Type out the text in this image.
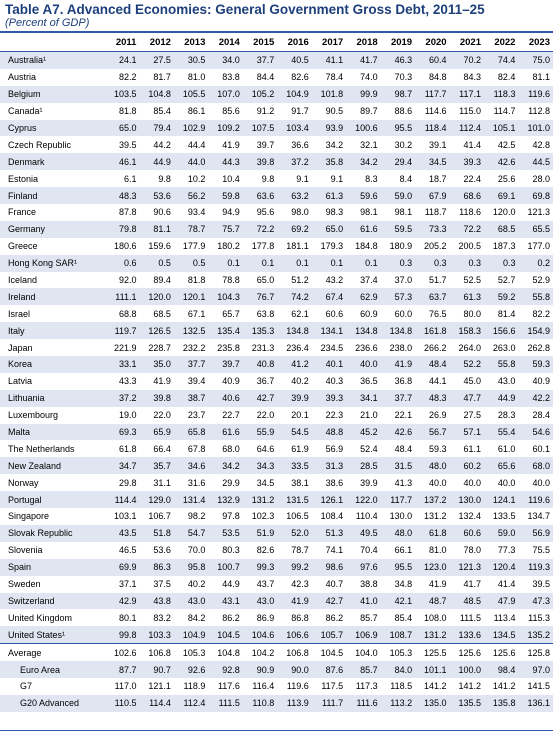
Table A7. Advanced Economies: General Government Gross Debt, 2011–25
(Percent of GDP)
	2011	2012	2013	2014	2015	2016	2017	2018	2019	2020	2021	2022	2023
Australia¹	24.1	27.5	30.5	34.0	37.7	40.5	41.1	41.7	46.3	60.4	70.2	74.4	75.0
Austria	82.2	81.7	81.0	83.8	84.4	82.6	78.4	74.0	70.3	84.8	84.3	82.4	81.1
Belgium	103.5	104.8	105.5	107.0	105.2	104.9	101.8	99.9	98.7	117.7	117.1	118.3	119.6
Canada¹	81.8	85.4	86.1	85.6	91.2	91.7	90.5	89.7	88.6	114.6	115.0	114.7	112.8
Cyprus	65.0	79.4	102.9	109.2	107.5	103.4	93.9	100.6	95.5	118.4	112.4	105.1	101.0
Czech Republic	39.5	44.2	44.4	41.9	39.7	36.6	34.2	32.1	30.2	39.1	41.4	42.5	42.8
Denmark	46.1	44.9	44.0	44.3	39.8	37.2	35.8	34.2	29.4	34.5	39.3	42.6	44.5
Estonia	6.1	9.8	10.2	10.4	9.8	9.1	9.1	8.3	8.4	18.7	22.4	25.6	28.0
Finland	48.3	53.6	56.2	59.8	63.6	63.2	61.3	59.6	59.0	67.9	68.6	69.1	69.8
France	87.8	90.6	93.4	94.9	95.6	98.0	98.3	98.1	98.1	118.7	118.6	120.0	121.3
Germany	79.8	81.1	78.7	75.7	72.2	69.2	65.0	61.6	59.5	73.3	72.2	68.5	65.5
Greece	180.6	159.6	177.9	180.2	177.8	181.1	179.3	184.8	180.9	205.2	200.5	187.3	177.0
Hong Kong SAR¹	0.6	0.5	0.5	0.1	0.1	0.1	0.1	0.1	0.3	0.3	0.3	0.3	0.2
Iceland	92.0	89.4	81.8	78.8	65.0	51.2	43.2	37.4	37.0	51.7	52.5	52.7	52.9
Ireland	111.1	120.0	120.1	104.3	76.7	74.2	67.4	62.9	57.3	63.7	61.3	59.2	55.8
Israel	68.8	68.5	67.1	65.7	63.8	62.1	60.6	60.9	60.0	76.5	80.0	81.4	82.2
Italy	119.7	126.5	132.5	135.4	135.3	134.8	134.1	134.8	134.8	161.8	158.3	156.6	154.9
Japan	221.9	228.7	232.2	235.8	231.3	236.4	234.5	236.6	238.0	266.2	264.0	263.0	262.8
Korea	33.1	35.0	37.7	39.7	40.8	41.2	40.1	40.0	41.9	48.4	52.2	55.8	59.3
Latvia	43.3	41.9	39.4	40.9	36.7	40.2	40.3	36.5	36.8	44.1	45.0	43.0	40.9
Lithuania	37.2	39.8	38.7	40.6	42.7	39.9	39.3	34.1	37.7	48.3	47.7	44.9	42.2
Luxembourg	19.0	22.0	23.7	22.7	22.0	20.1	22.3	21.0	22.1	26.9	27.5	28.3	28.4
Malta	69.3	65.9	65.8	61.6	55.9	54.5	48.8	45.2	42.6	56.7	57.1	55.4	54.6
The Netherlands	61.8	66.4	67.8	68.0	64.6	61.9	56.9	52.4	48.4	59.3	61.1	61.0	60.1
New Zealand	34.7	35.7	34.6	34.2	34.3	33.5	31.3	28.5	31.5	48.0	60.2	65.6	68.0
Norway	29.8	31.1	31.6	29.9	34.5	38.1	38.6	39.9	41.3	40.0	40.0	40.0	40.0
Portugal	114.4	129.0	131.4	132.9	131.2	131.5	126.1	122.0	117.7	137.2	130.0	124.1	119.6
Singapore	103.1	106.7	98.2	97.8	102.3	106.5	108.4	110.4	130.0	131.2	132.4	133.5	134.7
Slovak Republic	43.5	51.8	54.7	53.5	51.9	52.0	51.3	49.5	48.0	61.8	60.6	59.0	56.9
Slovenia	46.5	53.6	70.0	80.3	82.6	78.7	74.1	70.4	66.1	81.0	78.0	77.3	75.5
Spain	69.9	86.3	95.8	100.7	99.3	99.2	98.6	97.6	95.5	123.0	121.3	120.4	119.3
Sweden	37.1	37.5	40.2	44.9	43.7	42.3	40.7	38.8	34.8	41.9	41.7	41.4	39.5
Switzerland	42.9	43.8	43.0	43.1	43.0	41.9	42.7	41.0	42.1	48.7	48.5	47.9	47.3
United Kingdom	80.1	83.2	84.2	86.2	86.9	86.8	86.2	85.7	85.4	108.0	111.5	113.4	115.3
United States¹	99.8	103.3	104.9	104.5	104.6	106.6	105.7	106.9	108.7	131.2	133.6	134.5	135.2
Average	102.6	106.8	105.3	104.8	104.2	106.8	104.5	104.0	105.3	125.5	125.6	125.6	125.8
Euro Area	87.7	90.7	92.6	92.8	90.9	90.0	87.6	85.7	84.0	101.1	100.0	98.4	97.0
G7	117.0	121.1	118.9	117.6	116.4	119.6	117.5	117.3	118.5	141.2	141.2	141.2	141.5
G20 Advanced	110.5	114.4	112.4	111.5	110.8	113.9	111.7	111.6	113.2	135.0	135.5	135.8	136.1
